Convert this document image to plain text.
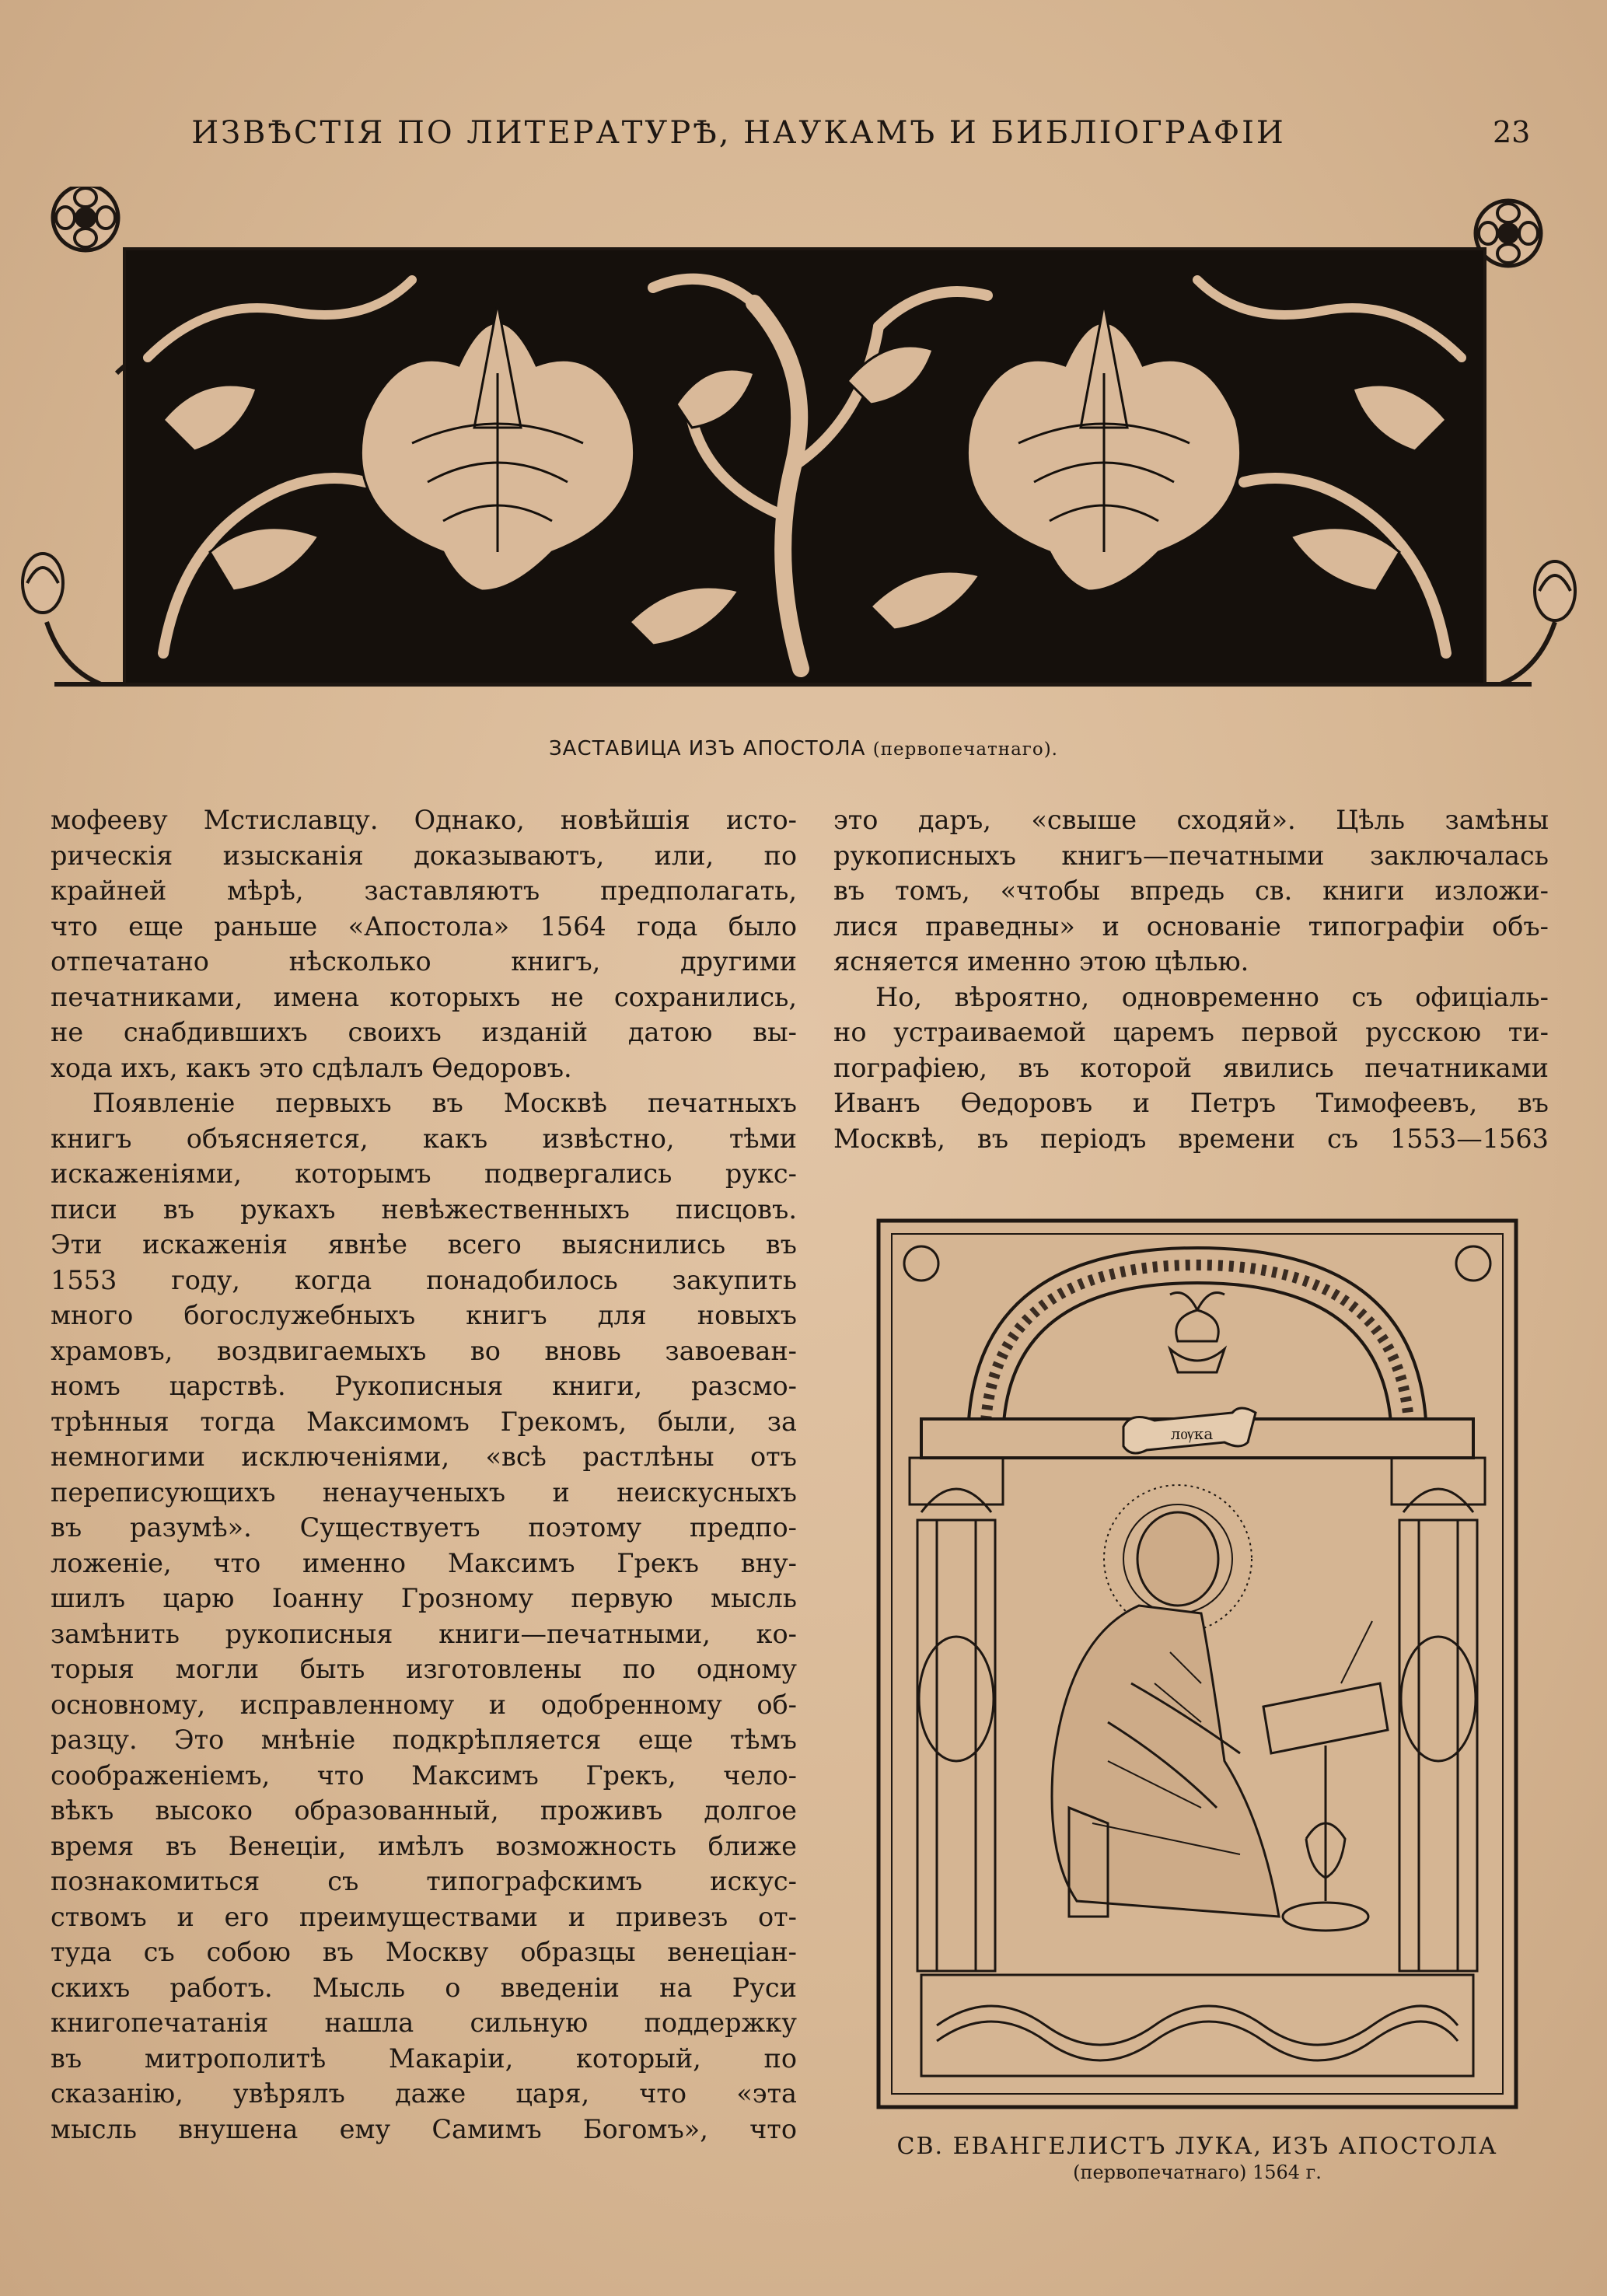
ИЗВѢСТІЯ ПО ЛИТЕРАТУРѢ, НАУКАМЪ И БИБЛІОГРАФІИ	23
ЗАСТАВИЦА ИЗЪ АПОСТОЛА (первопечатнаго).
мофееву Мстиславцу. Однако, новѣйшія исто-
рическія изысканія доказываютъ, или, по
крайней мѣрѣ, заставляютъ предполагать,
что еще раньше «Апостола» 1564 года было
отпечатано нѣсколько книгъ, другими
печатниками, имена которыхъ не сохранились,
не снабдившихъ своихъ изданій датою вы-
хода ихъ, какъ это сдѣлалъ Ѳедоровъ.
Появленіе первыхъ въ Москвѣ печатныхъ
книгъ объясняется, какъ извѣстно, тѣми
искаженіями, которымъ подвергались рукс-
писи въ рукахъ невѣжественныхъ писцовъ.
Эти искаженія явнѣе всего выяснились въ
1553 году, когда понадобилось закупить
много богослужебныхъ книгъ для новыхъ
храмовъ, воздвигаемыхъ во вновь завоеван-
номъ царствѣ. Рукописныя книги, разсмо-
трѣнныя тогда Максимомъ Грекомъ, были, за
немногими исключеніями, «всѣ растлѣны отъ
переписующихъ ненаученыхъ и неискусныхъ
въ разумѣ». Существуетъ поэтому предпо-
ложеніе, что именно Максимъ Грекъ вну-
шилъ царю Іоанну Грозному первую мысль
замѣнить рукописныя книги—печатными, ко-
торыя могли быть изготовлены по одному
основному, исправленному и одобренному об-
разцу. Это мнѣніе подкрѣпляется еще тѣмъ
соображеніемъ, что Максимъ Грекъ, чело-
вѣкъ высоко образованный, проживъ долгое
время въ Венеціи, имѣлъ возможность ближе
познакомиться съ типографскимъ искус-
ствомъ и его преимуществами и привезъ от-
туда съ собою въ Москву образцы венеціан-
скихъ работъ. Мысль о введеніи на Руси
книгопечатанія нашла сильную поддержку
въ митрополитѣ Макаріи, который, по
сказанію, увѣрялъ даже царя, что «эта
мысль внушена ему Самимъ Богомъ», что
это даръ, «свыше сходяй». Цѣль замѣны
рукописныхъ книгъ—печатными заключалась
въ томъ, «чтобы впредь св. книги изложи-
лися праведны» и основаніе типографіи объ-
ясняется именно этою цѣлью.
Но, вѣроятно, одновременно съ офиціаль-
но устраиваемой царемъ первой русскою ти-
пографіею, въ которой явились печатниками
Иванъ Ѳедоровъ и Петръ Тимофеевъ, въ
Москвѣ, въ періодъ времени съ 1553—1563
лѹка
СВ. ЕВАНГЕЛИСТЪ ЛУКА, ИЗЪ АПОСТОЛА
(первопечатнаго) 1564 г.
